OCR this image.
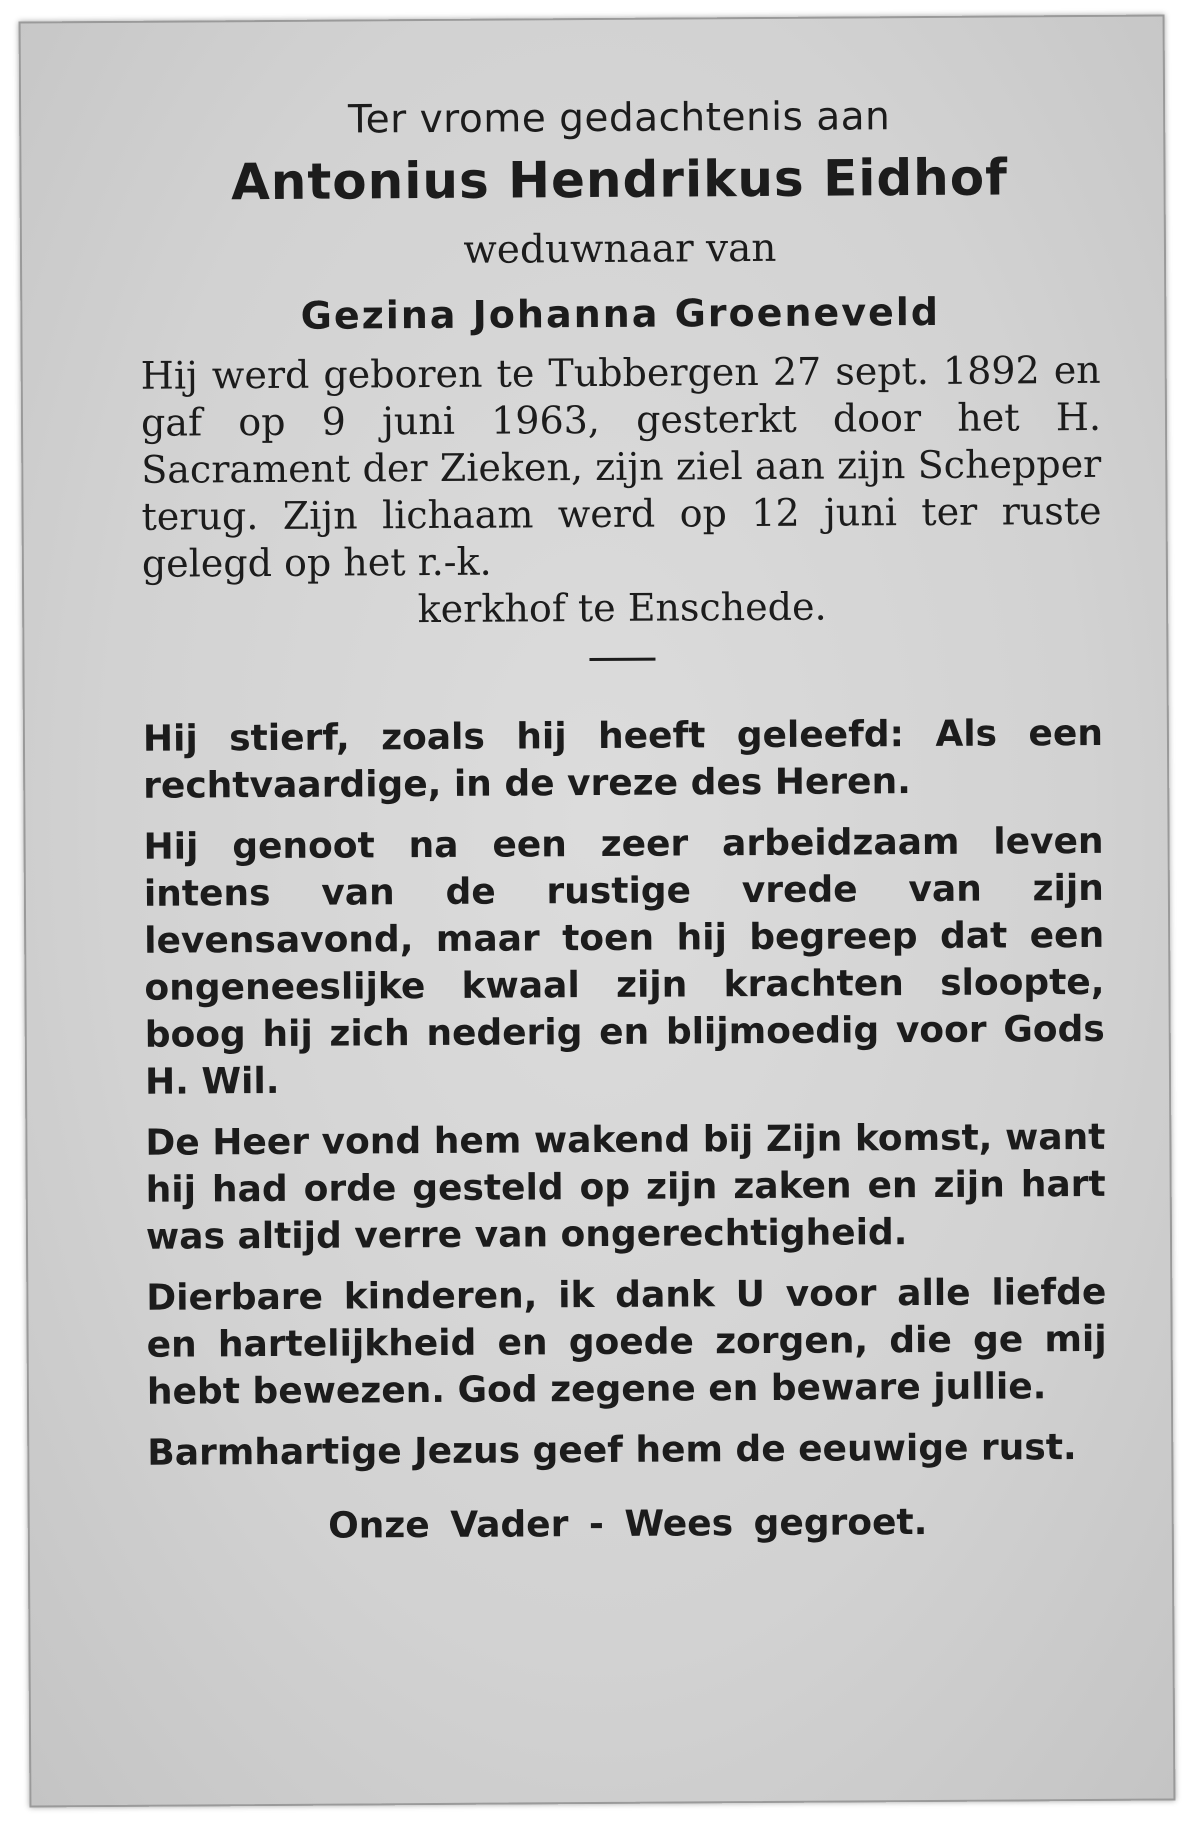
Ter vrome gedachtenis aan
Antonius Hendrikus Eidhof
weduwnaar van
Gezina Johanna Groeneveld

Hij werd geboren te Tubbergen 27 sept. 1892 en gaf op 9 juni 1963, gesterkt door het H. Sacrament der Zieken, zijn ziel aan zijn Schepper terug. Zijn lichaam werd op 12 juni ter ruste gelegd op het r.-k.

kerkhof te Enschede.

Hij stierf, zoals hij heeft geleefd: Als een rechtvaardige, in de vreze des Heren.

Hij genoot na een zeer arbeidzaam leven intens van de rustige vrede van zijn levensavond, maar toen hij begreep dat een ongeneeslijke kwaal zijn krachten sloopte, boog hij zich nederig en blijmoedig voor Gods H. Wil.

De Heer vond hem wakend bij Zijn komst, want hij had orde gesteld op zijn zaken en zijn hart was altijd verre van ongerechtigheid.

Dierbare kinderen, ik dank U voor alle liefde en hartelijkheid en goede zorgen, die ge mij hebt bewezen. God zegene en beware jullie.

Barmhartige Jezus geef hem de eeuwige rust.

Onze Vader - Wees gegroet.
